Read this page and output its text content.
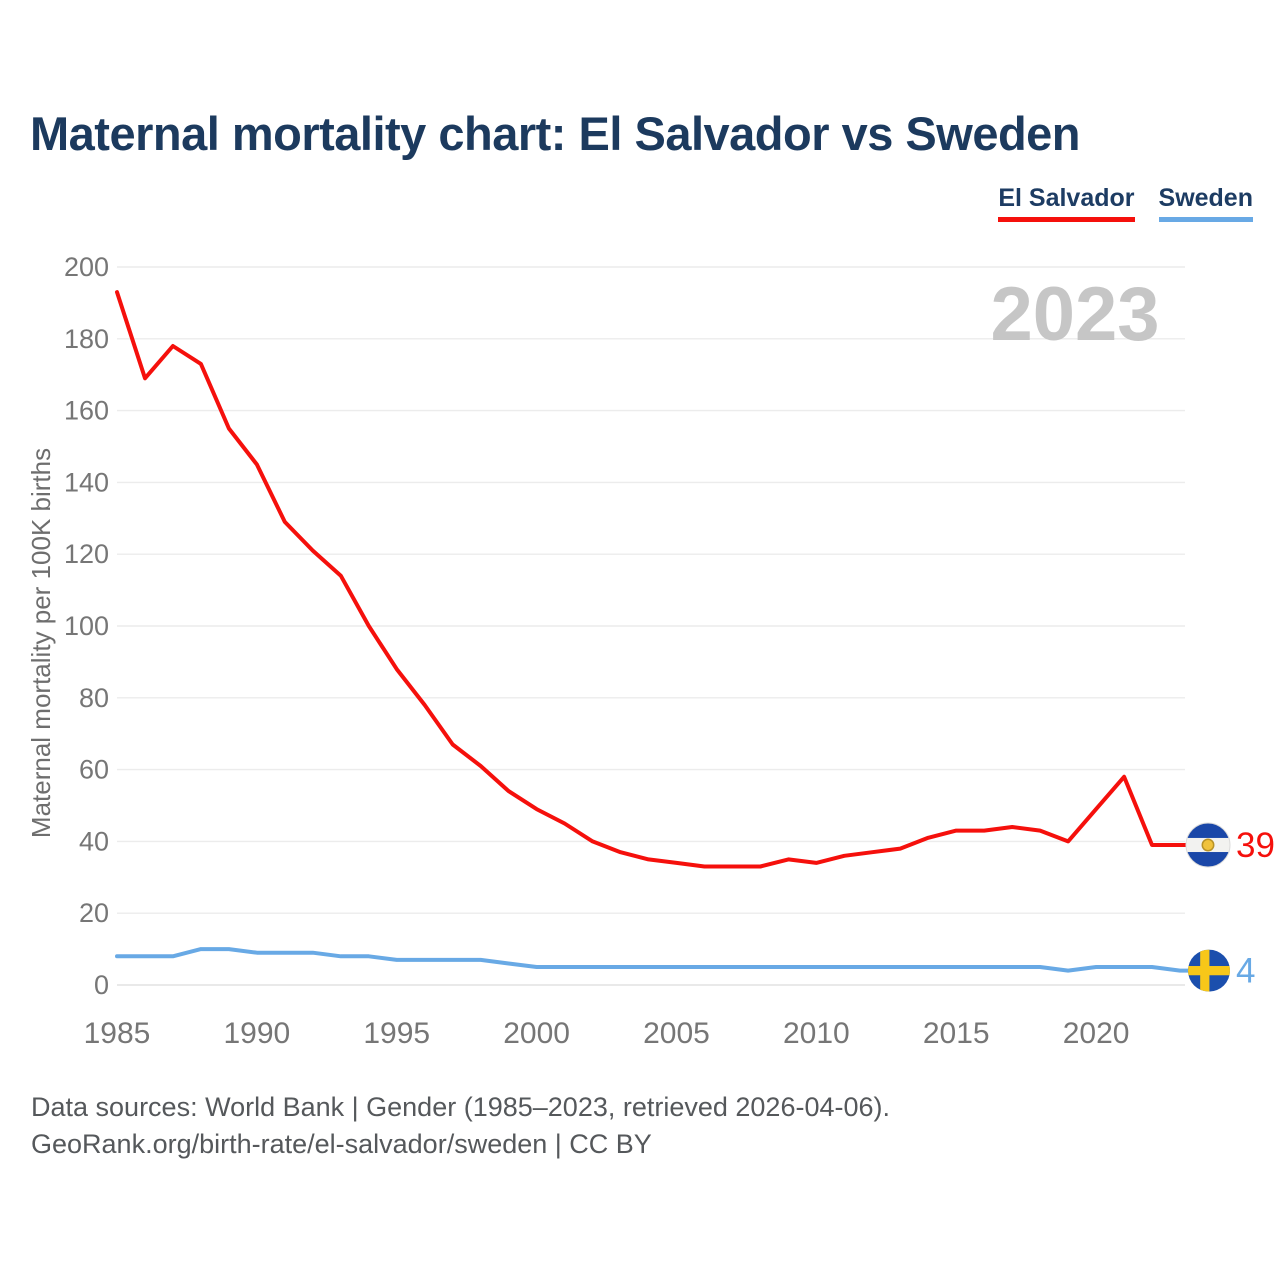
Maternal mortality chart: El Salvador vs Sweden
El Salvador Sweden
0
20
40
60
80
100
120
140
160
180
200
1985 1990 1995 2000 2005 2010 2015 2020
Maternal mortality per 100K births
2023
39
4
Data sources: World Bank | Gender (1985–2023, retrieved 2026-04-06).
GeoRank.org/birth-rate/el-salvador/sweden | CC BY
